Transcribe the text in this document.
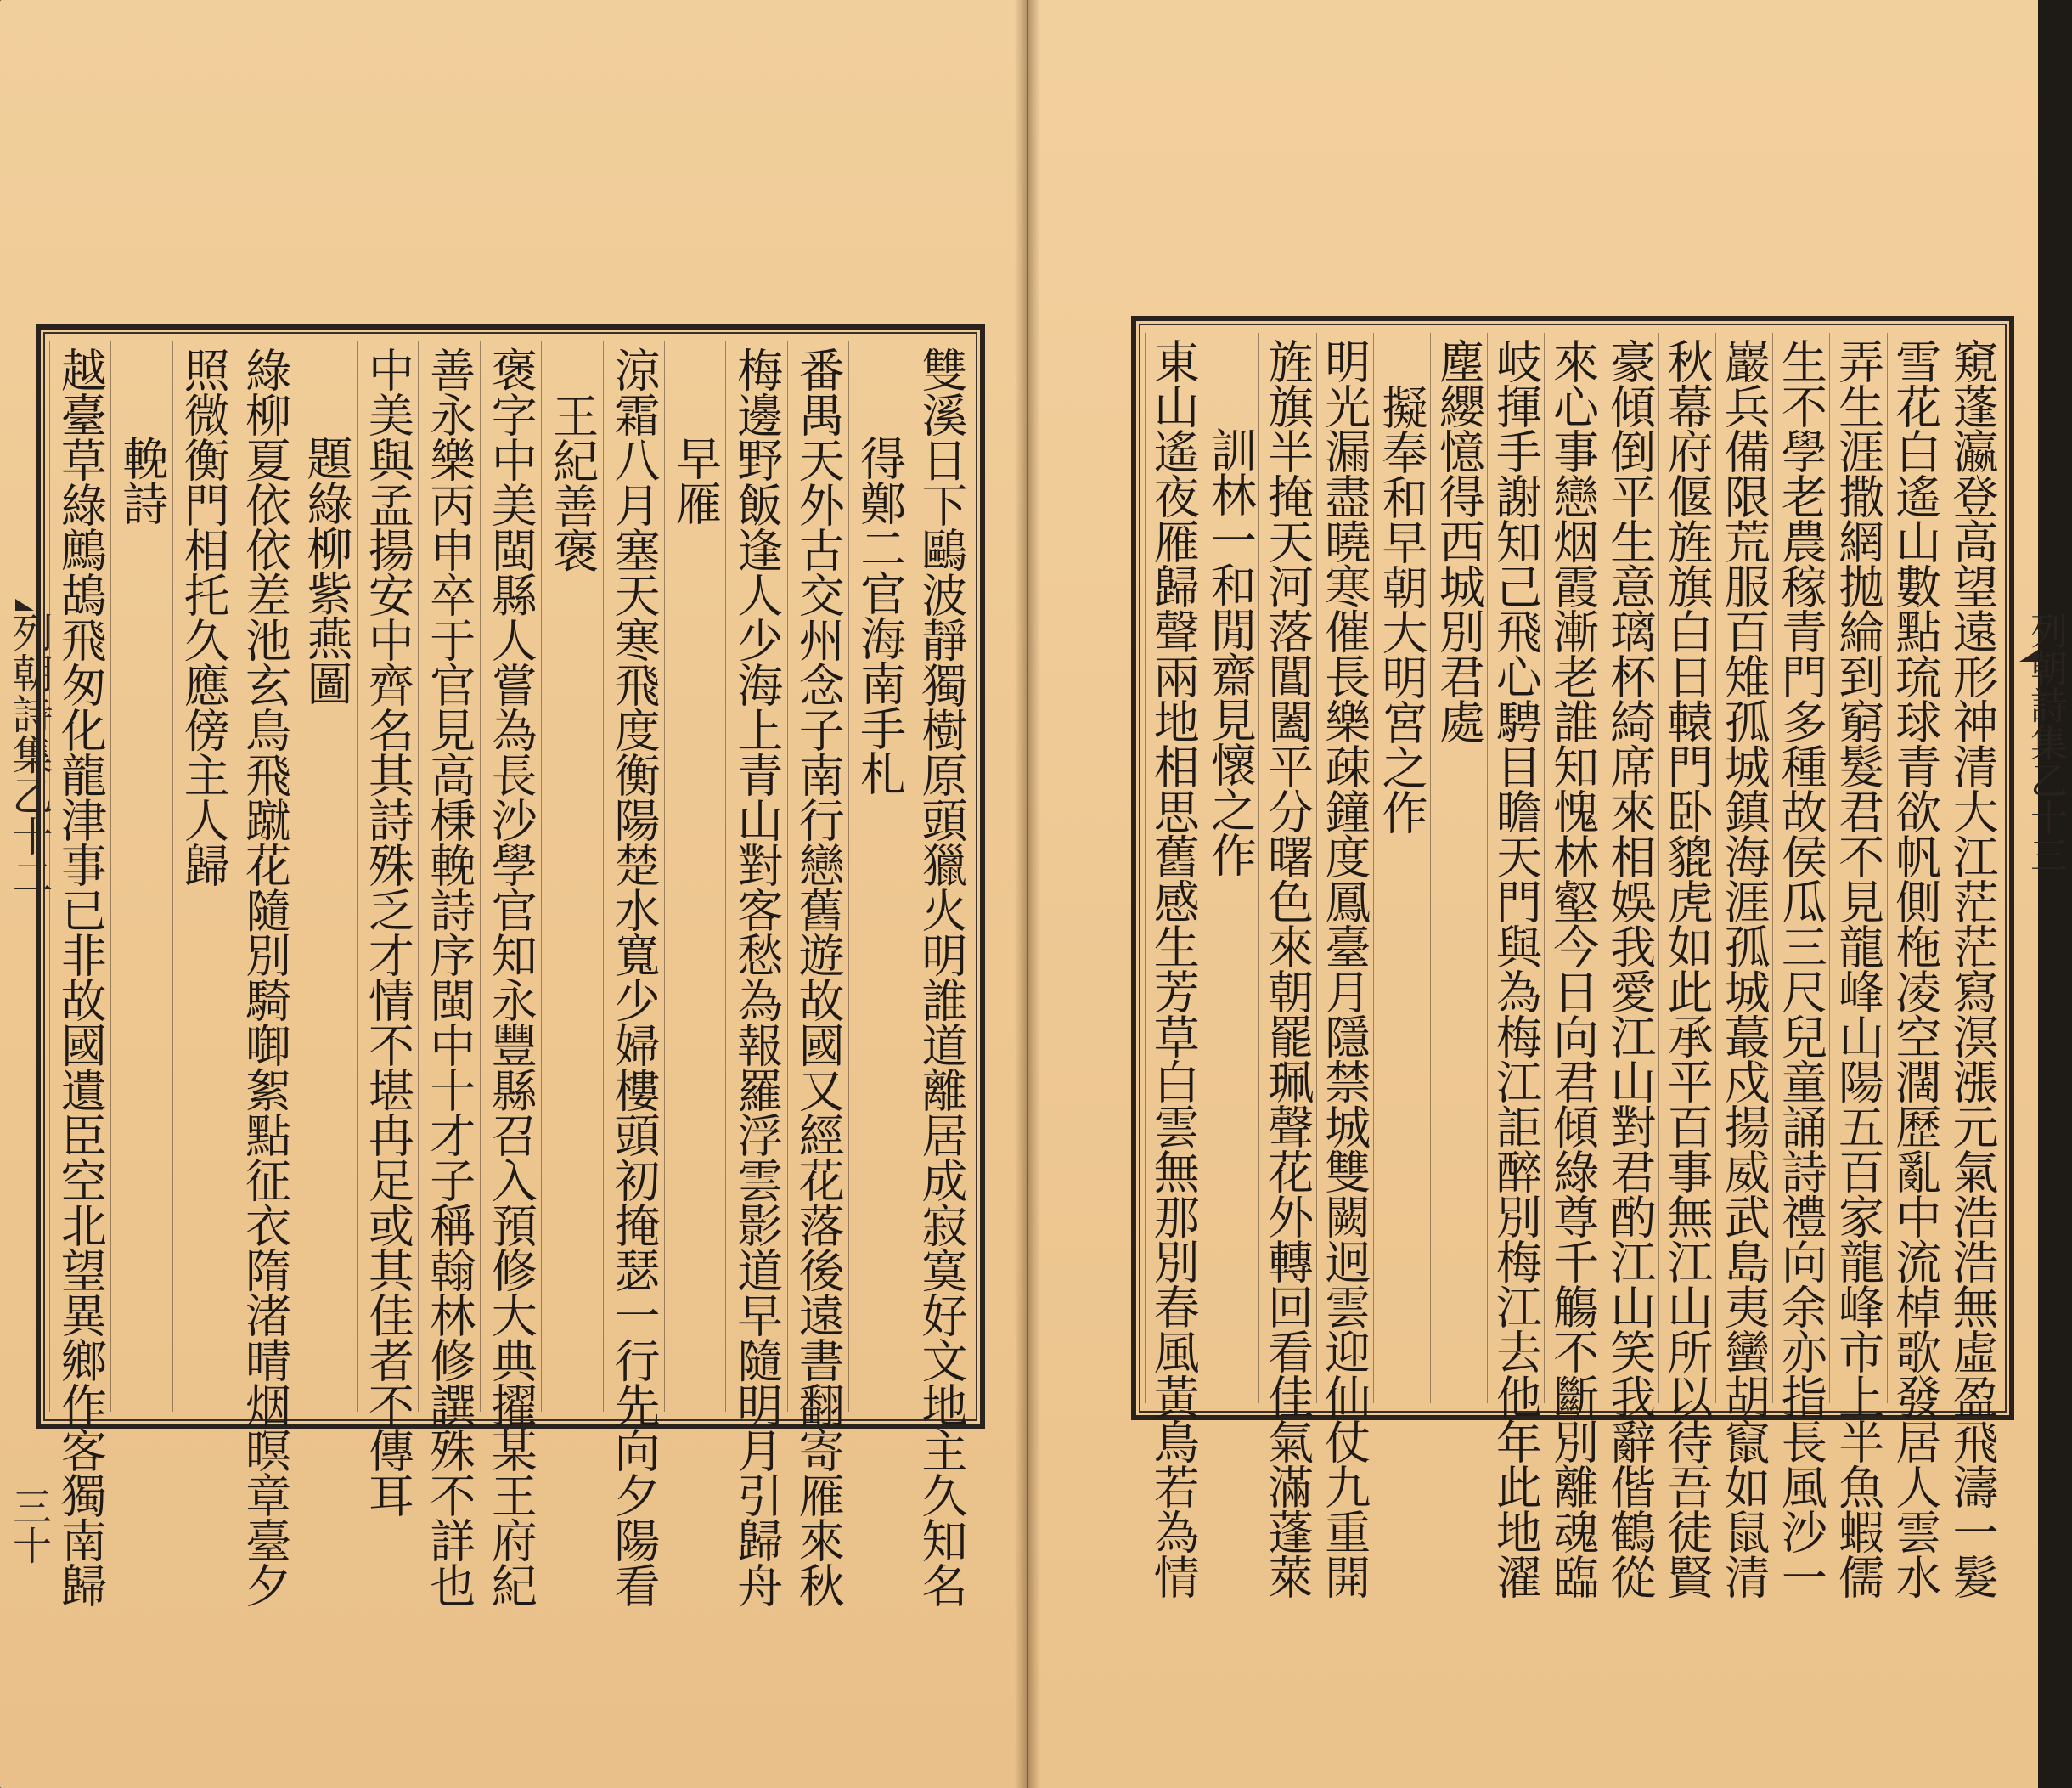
列朝詩集乙十二
三十
列朝詩集乙十三
雙溪日下鷗波靜獨樹原頭獵火明誰道離居成寂寞好文地主久知名
得鄭二官海南手札
番禺天外古交州念子南行戀舊遊故國又經花落後遠書翻寄雁來秋
梅邊野飯逢人少海上青山對客愁為報羅浮雲影道早隨明月引歸舟
早雁
涼霜八月塞天寒飛度衡陽楚水寬少婦樓頭初掩瑟一行先向夕陽看
王紀善褒
褒字中美閩縣人嘗為長沙學官知永豐縣召入預修大典擢某王府紀
善永樂丙申卒于官見高棅輓詩序閩中十才子稱翰林修譔殊不詳也
中美與孟揚安中齊名其詩殊乏才情不堪冉足或其佳者不傳耳
題綠柳紫燕圖
綠柳夏依依差池玄鳥飛蹴花隨別騎啣絮點征衣隋渚晴烟暝章臺夕
照微衡門相托久應傍主人歸
輓詩
越臺草綠鷓鴣飛匆化龍津事已非故國遺臣空北望異鄉作客獨南歸	窺蓬瀛登高望遠形神清大江茫茫寫溟漲元氣浩浩無虛盈飛濤一髮
雪花白遙山數點琉球青欲帆側柂凌空濶歷亂中流棹歌發居人雲水
弄生涯撒網拋綸到窮髮君不見龍峰山陽五百家龍峰市上半魚蝦儒
生不學老農稼青門多種故侯瓜三尺兒童誦詩禮向余亦指長風沙一
巖兵備限荒服百雉孤城鎮海涯孤城蕞戍揚威武島夷蠻胡竄如鼠清
秋幕府偃旌旗白日轅門卧貔虎如此承平百事無江山所以待吾徒賢
豪傾倒平生意璃杯綺席來相娛我愛江山對君酌江山笑我辭偕鶴從
來心事戀烟霞漸老誰知愧林壑今日向君傾綠尊千觴不斷別離魂臨
岐揮手謝知己飛心騁目瞻天門與為梅江詎醉別梅江去他年此地濯
塵纓憶得西城別君處
擬奉和早朝大明宮之作
明光漏盡曉寒催長樂疎鐘度鳳臺月隱禁城雙闕迥雲迎仙仗九重開
旌旗半掩天河落閶闔平分曙色來朝罷珮聲花外轉回看佳氣滿蓬萊
訓林一和閒齋見懷之作
東山遙夜雁歸聲兩地相思舊感生芳草白雲無那別春風黃鳥若為情
